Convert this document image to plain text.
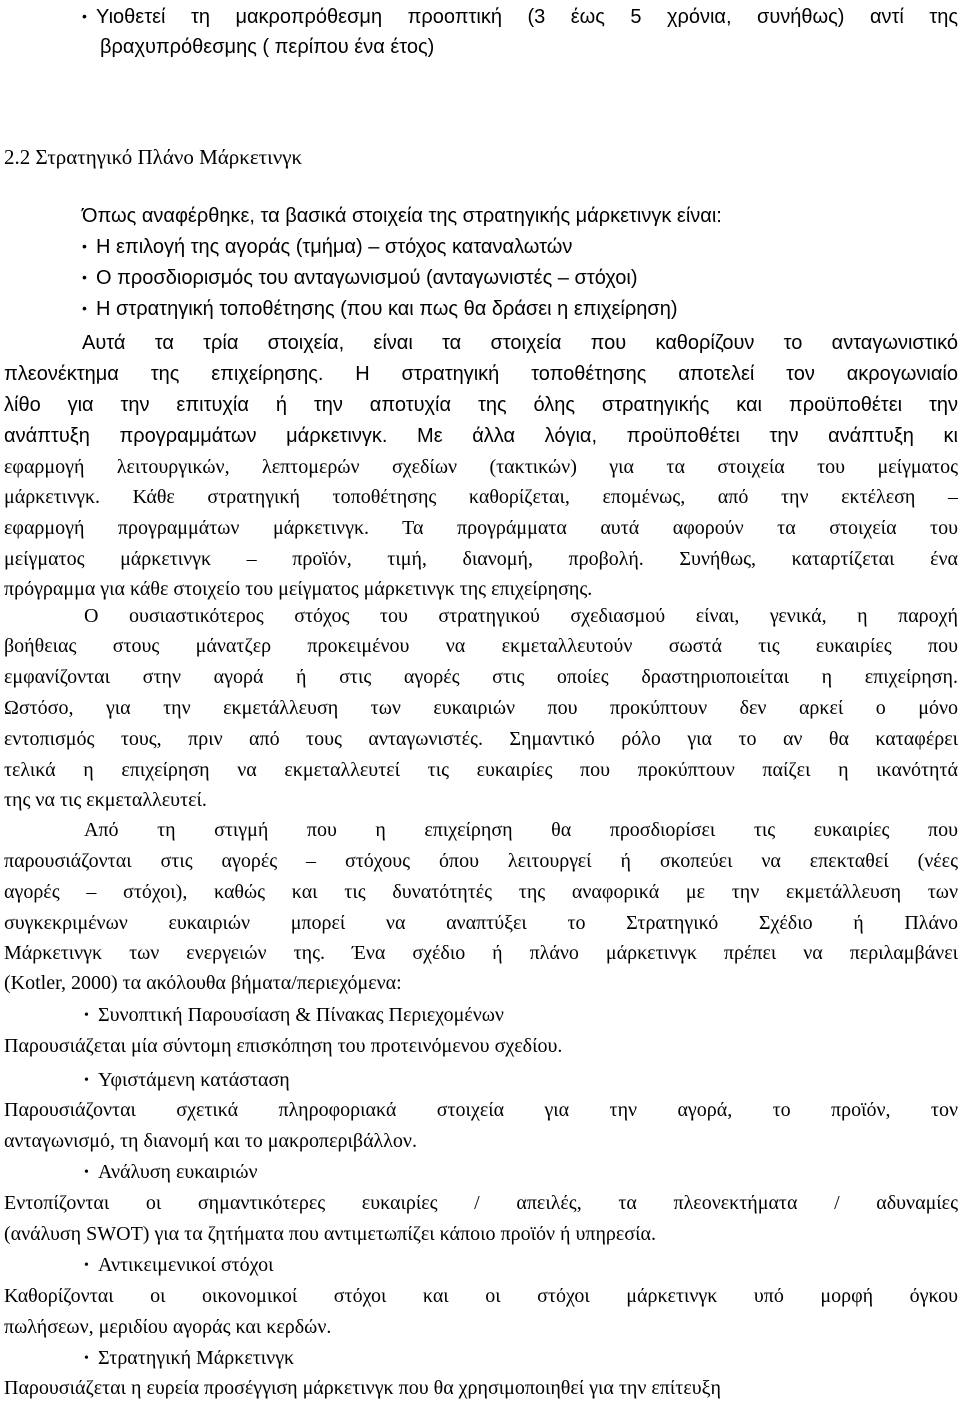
• Υιοθετεί τη μακροπρόθεσμη προοπτική (3 έως 5 χρόνια, συνήθως) αντί της
βραχυπρόθεσμης ( περίπου ένα έτος)
2.2 Στρατηγικό Πλάνο Μάρκετινγκ
Όπως αναφέρθηκε, τα βασικά στοιχεία της στρατηγικής μάρκετινγκ είναι:
• Η επιλογή της αγοράς (τμήμα) – στόχος καταναλωτών
• Ο προσδιορισμός του ανταγωνισμού (ανταγωνιστές – στόχοι)
• Η στρατηγική τοποθέτησης (που και πως θα δράσει η επιχείρηση)
Αυτά τα τρία στοιχεία, είναι τα στοιχεία που καθορίζουν το ανταγωνιστικό
πλεονέκτημα της επιχείρησης. Η στρατηγική τοποθέτησης αποτελεί τον ακρογωνιαίο
λίθο για την επιτυχία ή την αποτυχία της όλης στρατηγικής και προϋποθέτει την
ανάπτυξη προγραμμάτων μάρκετινγκ. Με άλλα λόγια, προϋποθέτει την ανάπτυξη κι
εφαρμογή λειτουργικών, λεπτομερών σχεδίων (τακτικών) για τα στοιχεία του μείγματος
μάρκετινγκ. Κάθε στρατηγική τοποθέτησης καθορίζεται, επομένως, από την εκτέλεση –
εφαρμογή προγραμμάτων μάρκετινγκ. Τα προγράμματα αυτά αφορούν τα στοιχεία του
μείγματος μάρκετινγκ – προϊόν, τιμή, διανομή, προβολή. Συνήθως, καταρτίζεται ένα
πρόγραμμα για κάθε στοιχείο του μείγματος μάρκετινγκ της επιχείρησης.
Ο ουσιαστικότερος στόχος του στρατηγικού σχεδιασμού είναι, γενικά, η παροχή
βοήθειας στους μάνατζερ προκειμένου να εκμεταλλευτούν σωστά τις ευκαιρίες που
εμφανίζονται στην αγορά ή στις αγορές στις οποίες δραστηριοποιείται η επιχείρηση.
Ωστόσο, για την εκμετάλλευση των ευκαιριών που προκύπτουν δεν αρκεί ο μόνο
εντοπισμός τους, πριν από τους ανταγωνιστές. Σημαντικό ρόλο για το αν θα καταφέρει
τελικά η επιχείρηση να εκμεταλλευτεί τις ευκαιρίες που προκύπτουν παίζει η ικανότητά
της να τις εκμεταλλευτεί.
Από τη στιγμή που η επιχείρηση θα προσδιορίσει τις ευκαιρίες που
παρουσιάζονται στις αγορές – στόχους όπου λειτουργεί ή σκοπεύει να επεκταθεί (νέες
αγορές – στόχοι), καθώς και τις δυνατότητές της αναφορικά με την εκμετάλλευση των
συγκεκριμένων ευκαιριών μπορεί να αναπτύξει το Στρατηγικό Σχέδιο ή Πλάνο
Μάρκετινγκ των ενεργειών της. Ένα σχέδιο ή πλάνο μάρκετινγκ πρέπει να περιλαμβάνει
(Kotler, 2000) τα ακόλουθα βήματα/περιεχόμενα:
• Συνοπτική Παρουσίαση & Πίνακας Περιεχομένων
Παρουσιάζεται μία σύντομη επισκόπηση του προτεινόμενου σχεδίου.
• Υφιστάμενη κατάσταση
Παρουσιάζονται σχετικά πληροφοριακά στοιχεία για την αγορά, το προϊόν, τον
ανταγωνισμό, τη διανομή και το μακροπεριβάλλον.
• Ανάλυση ευκαιριών
Εντοπίζονται οι σημαντικότερες ευκαιρίες / απειλές, τα πλεονεκτήματα / αδυναμίες
(ανάλυση SWOT) για τα ζητήματα που αντιμετωπίζει κάποιο προϊόν ή υπηρεσία.
• Αντικειμενικοί στόχοι
Καθορίζονται οι οικονομικοί στόχοι και οι στόχοι μάρκετινγκ υπό μορφή όγκου
πωλήσεων, μεριδίου αγοράς και κερδών.
• Στρατηγική Μάρκετινγκ
Παρουσιάζεται η ευρεία προσέγγιση μάρκετινγκ που θα χρησιμοποιηθεί για την επίτευξη
